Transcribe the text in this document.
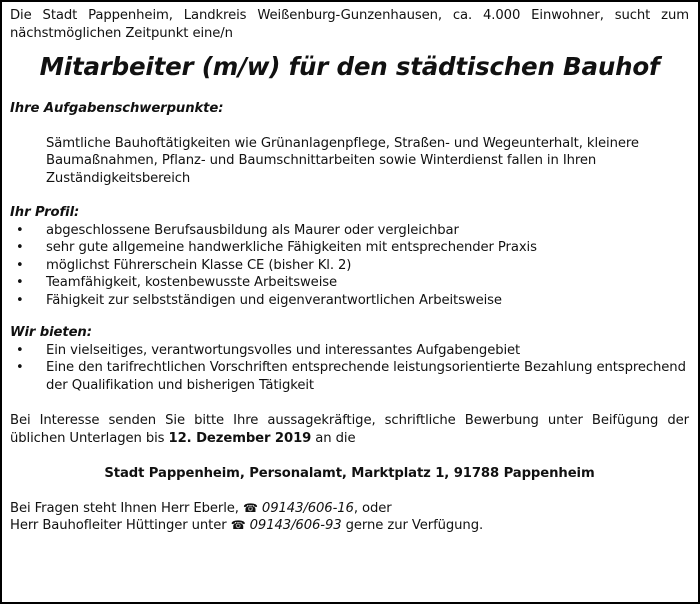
Die Stadt Pappenheim, Landkreis Weißenburg-Gunzenhausen, ca. 4.000 Einwohner, sucht zum nächstmöglichen Zeitpunkt eine/n

Mitarbeiter (m/w) für den städtischen Bauhof

Ihre Aufgabenschwerpunkte:

Sämtliche Bauhoftätigkeiten wie Grünanlagenpflege, Straßen- und Wegeunterhalt, kleinere Baumaßnahmen, Pflanz- und Baumschnittarbeiten sowie Winterdienst fallen in Ihren Zuständigkeitsbereich

Ihr Profil:

• abgeschlossene Berufsausbildung als Maurer oder vergleichbar
• sehr gute allgemeine handwerkliche Fähigkeiten mit entsprechender Praxis
• möglichst Führerschein Klasse CE (bisher Kl. 2)
• Teamfähigkeit, kostenbewusste Arbeitsweise
• Fähigkeit zur selbstständigen und eigenverantwortlichen Arbeitsweise

Wir bieten:

• Ein vielseitiges, verantwortungsvolles und interessantes Aufgabengebiet
• Eine den tarifrechtlichen Vorschriften entsprechende leistungsorientierte Bezahlung entsprechend der Qualifikation und bisherigen Tätigkeit

Bei Interesse senden Sie bitte Ihre aussagekräftige, schriftliche Bewerbung unter Beifügung der üblichen Unterlagen bis 12. Dezember 2019 an die

Stadt Pappenheim, Personalamt, Marktplatz 1, 91788 Pappenheim

Bei Fragen steht Ihnen Herr Eberle, ☎ 09143/606-16, oder
Herr Bauhofleiter Hüttinger unter ☎ 09143/606-93 gerne zur Verfügung.
